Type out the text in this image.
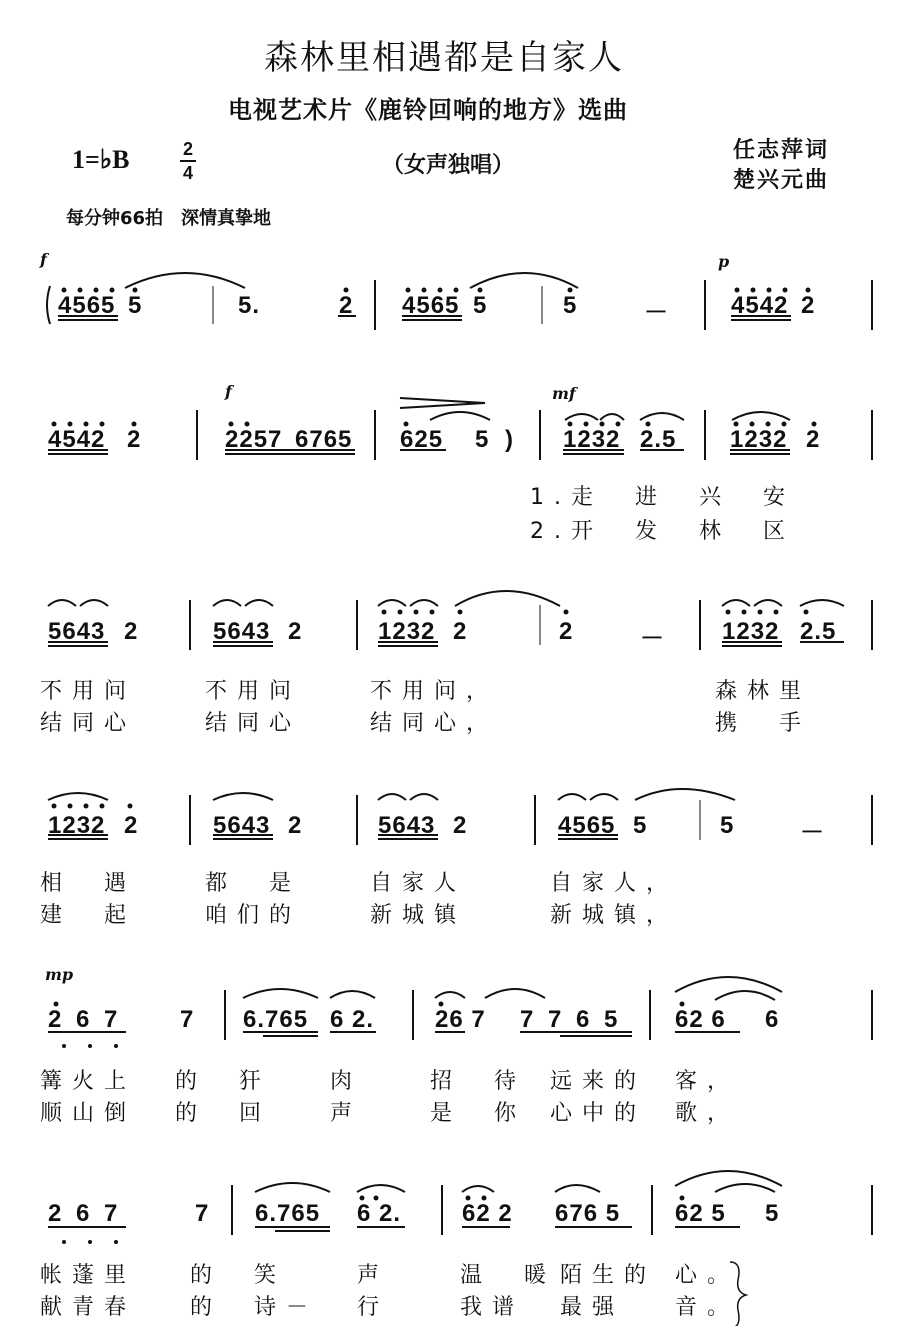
森林里相遇都是自家人
电视艺术片《鹿铃回响的地方》选曲
1=♭B	2
4	（女声独唱）
任志萍词
楚兴元曲
每分钟66拍　深情真挚地
f	p
4565 5	5.	2 4565 5	5	－	4542 2
f	mf
4542 2	2257 6765 625 5 ) 1232 2.5 1232 2
1.走　进　兴　安
2.开　发　林　区
5643 2	5643 2	1232 2	2	－ 1232 2.5
不用问	不用问	不用问，	森林里
结同心	结同心	结同心，	携　手
1232 2	5643 2	5643 2	4565 5	5	－
相　遇	都　是	自家人	自家人，
建　起	咱们的	新城镇	新城镇，
mp
2 6 7	7 6.765 6 2.	26 7 7 7 6 5 62 6 6
篝火上 的　犴	肉	招　待 远来的 客，
顺山倒 的　回	声	是　你 心中的 歌，
2 6 7	7 6.765 6 2.	62 2 676 5 62 5 5
帐蓬里 的　笑	声	温　暖 陌生的 心。
献青春 的　诗－ 行	我谱 最强 音。
